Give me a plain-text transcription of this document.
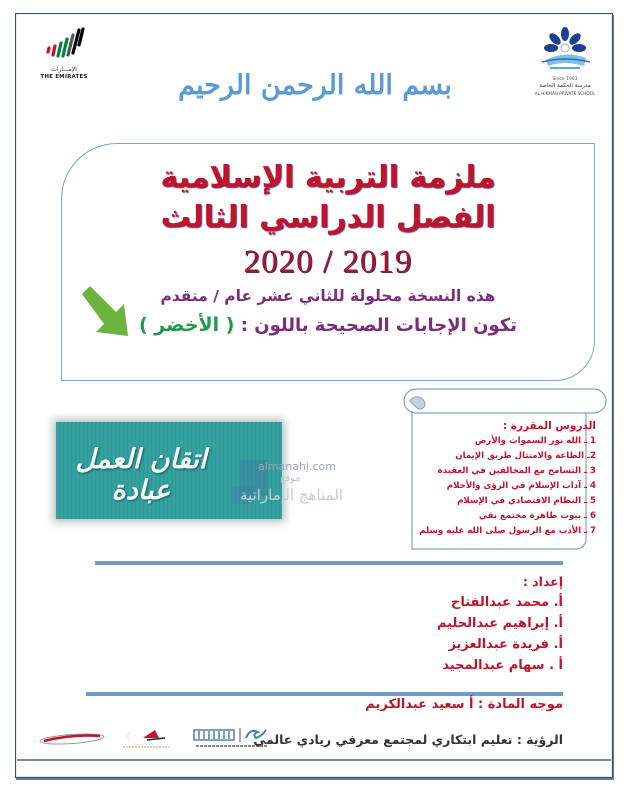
الإمـــارات
THE EMIRATES	Since 1993
مدرسة الحكمة الخاصة
AL HIKMAH PRIVATE SCHOOL
بسم الله الرحمن الرحيم
ملزمة التربية الإسلامية
الفصل الدراسي الثالث
2020 / 2019
هذه النسخة محلولة للثاني عشر عام / متقدم
تكون الإجابات الصحيحة باللون : ( الأخضر )
الدروس المقررة :
1 ـ الله نور السموات والأرض
2ـ الطاعة والامتثال طريق الإيمان
3 ـ التسامح مع المخالفين في العقيدة
4 ـ آداب الإسلام في الرؤى والأحلام
5 ـ النظام الاقتصادي في الإسلام
6 ـ بيوت طاهرة مجتمع نقي
7 ـ الأدب مع الرسول صلى الله عليه وسلم
اتقان العمل عبادة
almanahj.com
موقع
المناهج الإماراتية
إعداد :
أ. محمد عبدالفتاح
أ. إبراهيم عبدالحليم
أ. فريدة عبدالعزيز
أ . سهام عبدالمجيد
موجه المادة : أ سعيد عبدالكريم
الرؤية : تعليم ابتكاري لمجتمع معرفي ريادي عالمي
